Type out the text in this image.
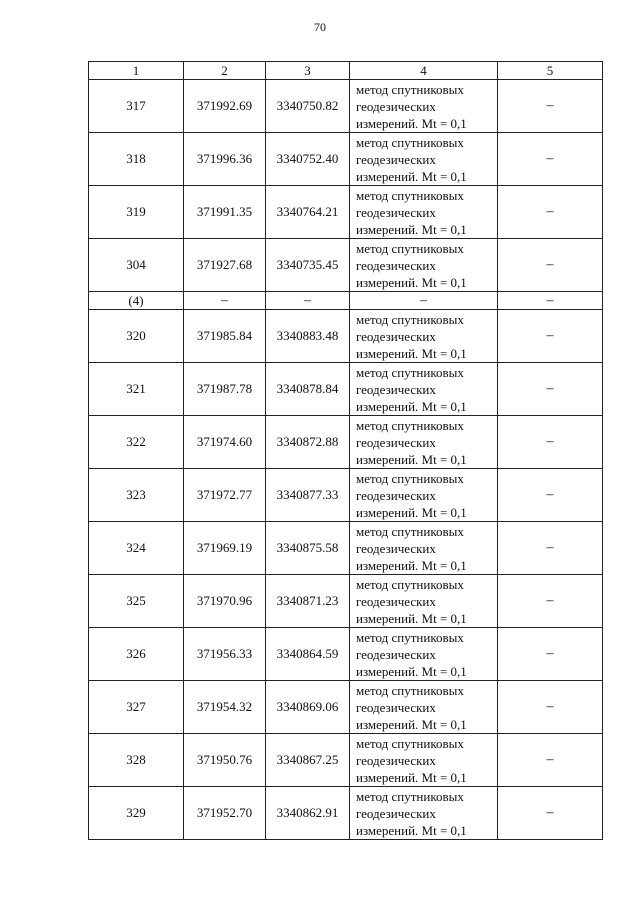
70
1	2	3	4	5
317	371992.69	3340750.82	метод спутниковых
геодезических
измерений. Mt = 0,1	–
318	371996.36	3340752.40	метод спутниковых
геодезических
измерений. Mt = 0,1	–
319	371991.35	3340764.21	метод спутниковых
геодезических
измерений. Mt = 0,1	–
304	371927.68	3340735.45	метод спутниковых
геодезических
измерений. Mt = 0,1	–
(4)	–	–	–	–
320	371985.84	3340883.48	метод спутниковых
геодезических
измерений. Mt = 0,1	–
321	371987.78	3340878.84	метод спутниковых
геодезических
измерений. Mt = 0,1	–
322	371974.60	3340872.88	метод спутниковых
геодезических
измерений. Mt = 0,1	–
323	371972.77	3340877.33	метод спутниковых
геодезических
измерений. Mt = 0,1	–
324	371969.19	3340875.58	метод спутниковых
геодезических
измерений. Mt = 0,1	–
325	371970.96	3340871.23	метод спутниковых
геодезических
измерений. Mt = 0,1	–
326	371956.33	3340864.59	метод спутниковых
геодезических
измерений. Mt = 0,1	–
327	371954.32	3340869.06	метод спутниковых
геодезических
измерений. Mt = 0,1	–
328	371950.76	3340867.25	метод спутниковых
геодезических
измерений. Mt = 0,1	–
329	371952.70	3340862.91	метод спутниковых
геодезических
измерений. Mt = 0,1	–
